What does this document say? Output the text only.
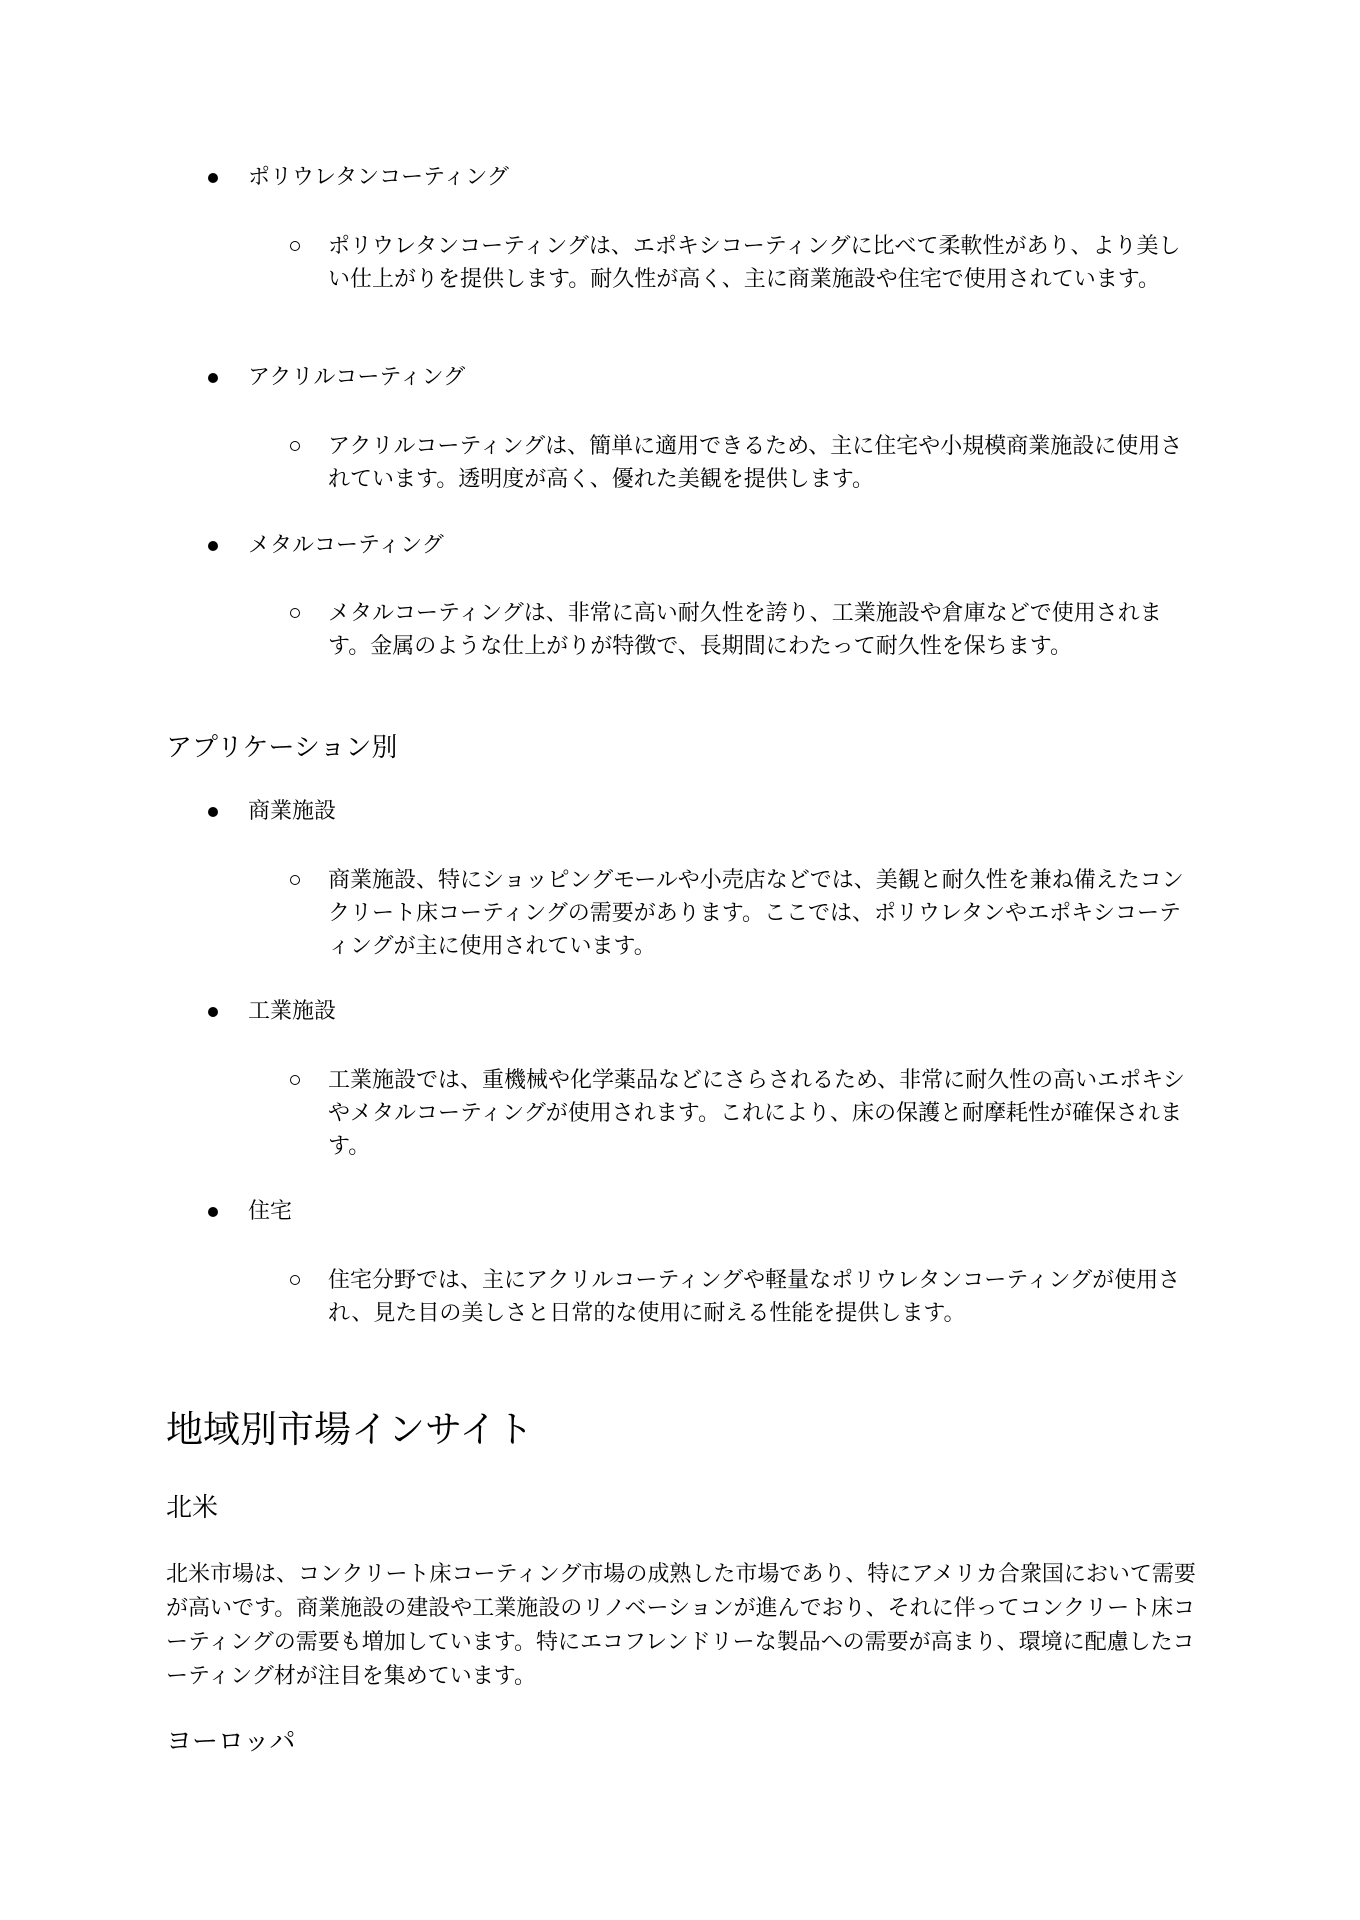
ポリウレタンコーティング
ポリウレタンコーティングは、エポキシコーティングに比べて柔軟性があり、より美しい仕上がりを提供します。耐久性が高く、主に商業施設や住宅で使用されています。
アクリルコーティング
アクリルコーティングは、簡単に適用できるため、主に住宅や小規模商業施設に使用されています。透明度が高く、優れた美観を提供します。
メタルコーティング
メタルコーティングは、非常に高い耐久性を誇り、工業施設や倉庫などで使用されます。金属のような仕上がりが特徴で、長期間にわたって耐久性を保ちます。
アプリケーション別
商業施設
商業施設、特にショッピングモールや小売店などでは、美観と耐久性を兼ね備えたコンクリート床コーティングの需要があります。ここでは、ポリウレタンやエポキシコーティングが主に使用されています。
工業施設
工業施設では、重機械や化学薬品などにさらされるため、非常に耐久性の高いエポキシやメタルコーティングが使用されます。これにより、床の保護と耐摩耗性が確保されます。
住宅
住宅分野では、主にアクリルコーティングや軽量なポリウレタンコーティングが使用され、見た目の美しさと日常的な使用に耐える性能を提供します。
地域別市場インサイト
北米
北米市場は、コンクリート床コーティング市場の成熟した市場であり、特にアメリカ合衆国において需要が高いです。商業施設の建設や工業施設のリノベーションが進んでおり、それに伴ってコンクリート床コーティングの需要も増加しています。特にエコフレンドリーな製品への需要が高まり、環境に配慮したコーティング材が注目を集めています。
ヨーロッパ
